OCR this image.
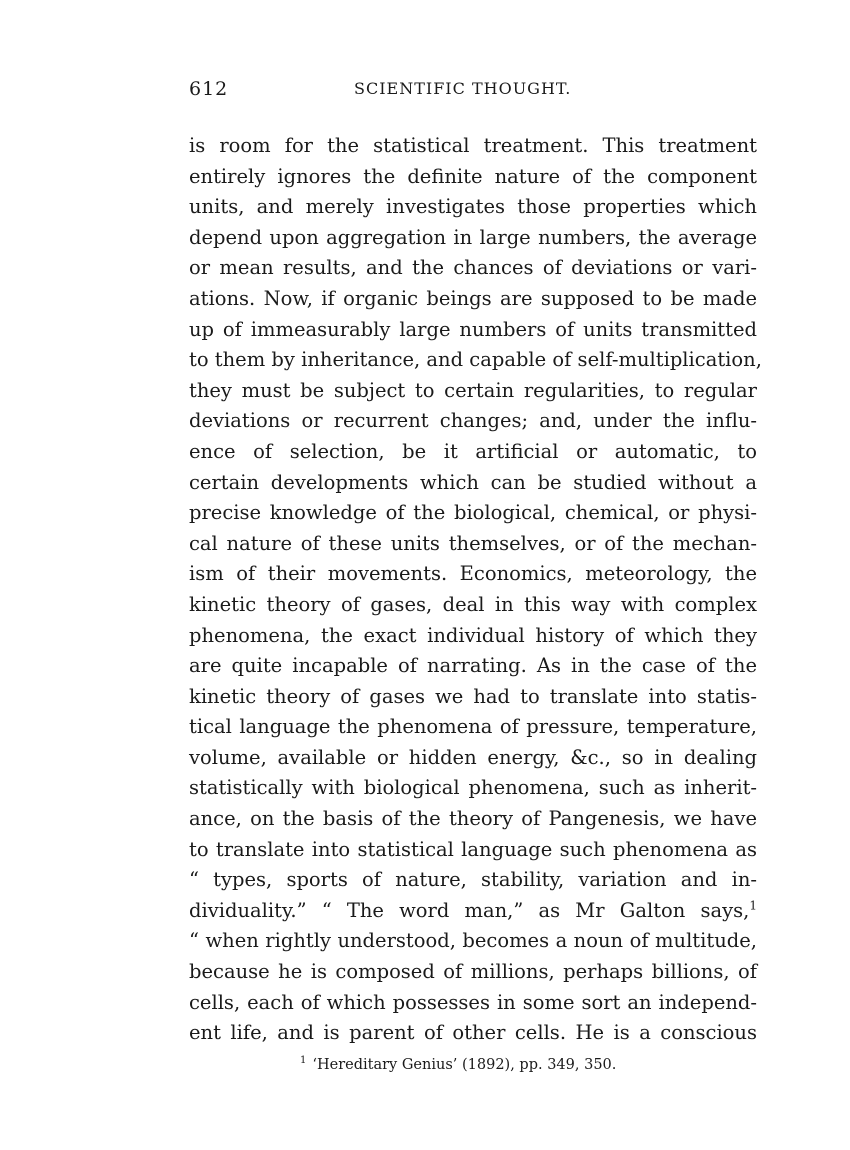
612	SCIENTIFIC THOUGHT.
is room for the statistical treatment. This treatment
entirely ignores the definite nature of the component
units, and merely investigates those properties which
depend upon aggregation in large numbers, the average
or mean results, and the chances of deviations or vari-
ations. Now, if organic beings are supposed to be made
up of immeasurably large numbers of units transmitted
to them by inheritance, and capable of self-multiplication,
they must be subject to certain regularities, to regular
deviations or recurrent changes; and, under the influ-
ence of selection, be it artificial or automatic, to
certain developments which can be studied without a
precise knowledge of the biological, chemical, or physi-
cal nature of these units themselves, or of the mechan-
ism of their movements. Economics, meteorology, the
kinetic theory of gases, deal in this way with complex
phenomena, the exact individual history of which they
are quite incapable of narrating. As in the case of the
kinetic theory of gases we had to translate into statis-
tical language the phenomena of pressure, temperature,
volume, available or hidden energy, &c., so in dealing
statistically with biological phenomena, such as inherit-
ance, on the basis of the theory of Pangenesis, we have
to translate into statistical language such phenomena as
“ types, sports of nature, stability, variation and in-
dividuality.” “ The word man,” as Mr Galton says,$^1$
“ when rightly understood, becomes a noun of multitude,
because he is composed of millions, perhaps billions, of
cells, each of which possesses in some sort an independ-
ent life, and is parent of other cells. He is a conscious
$^1$ ‘Hereditary Genius’ (1892), pp. 349, 350.
